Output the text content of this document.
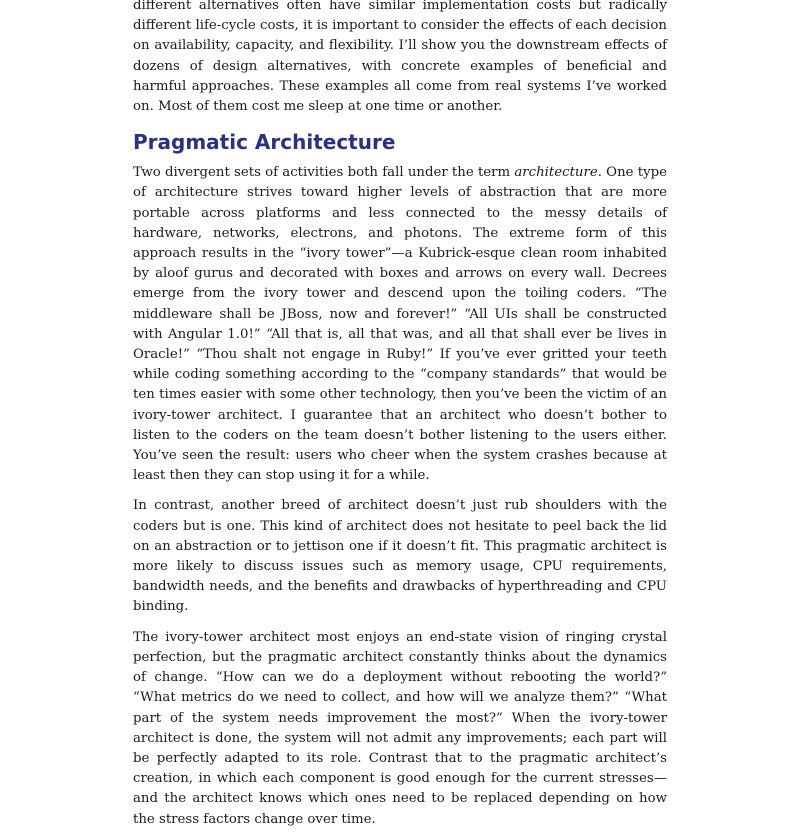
different alternatives often have similar implementation costs but radically different life-cycle costs, it is important to consider the effects of each decision on availability, capacity, and flexibility. I’ll show you the downstream effects of dozens of design alternatives, with concrete examples of beneficial and harmful approaches. These examples all come from real systems I’ve worked on. Most of them cost me sleep at one time or another.

Pragmatic Architecture

Two divergent sets of activities both fall under the term architecture. One type of architecture strives toward higher levels of abstraction that are more portable across platforms and less connected to the messy details of hardware, networks, electrons, and photons. The extreme form of this approach results in the “ivory tower”—a Kubrick-esque clean room inhabited by aloof gurus and decorated with boxes and arrows on every wall. Decrees emerge from the ivory tower and descend upon the toiling coders. “The middleware shall be JBoss, now and forever!” “All UIs shall be constructed with Angular 1.0!” “All that is, all that was, and all that shall ever be lives in Oracle!” “Thou shalt not engage in Ruby!” If you’ve ever gritted your teeth while coding something according to the “company standards” that would be ten times easier with some other technology, then you’ve been the victim of an ivory-tower architect. I guarantee that an architect who doesn’t bother to listen to the coders on the team doesn’t bother listening to the users either. You’ve seen the result: users who cheer when the system crashes because at least then they can stop using it for a while.

In contrast, another breed of architect doesn’t just rub shoulders with the coders but is one. This kind of architect does not hesitate to peel back the lid on an abstraction or to jettison one if it doesn’t fit. This pragmatic architect is more likely to discuss issues such as memory usage, CPU requirements, bandwidth needs, and the benefits and drawbacks of hyperthreading and CPU binding.

The ivory-tower architect most enjoys an end-state vision of ringing crystal perfection, but the pragmatic architect constantly thinks about the dynamics of change. “How can we do a deployment without rebooting the world?” “What metrics do we need to collect, and how will we analyze them?” “What part of the system needs improvement the most?” When the ivory-tower architect is done, the system will not admit any improvements; each part will be perfectly adapted to its role. Contrast that to the pragmatic architect’s creation, in which each component is good enough for the current stresses—and the architect knows which ones need to be replaced depending on how the stress factors change over time.
